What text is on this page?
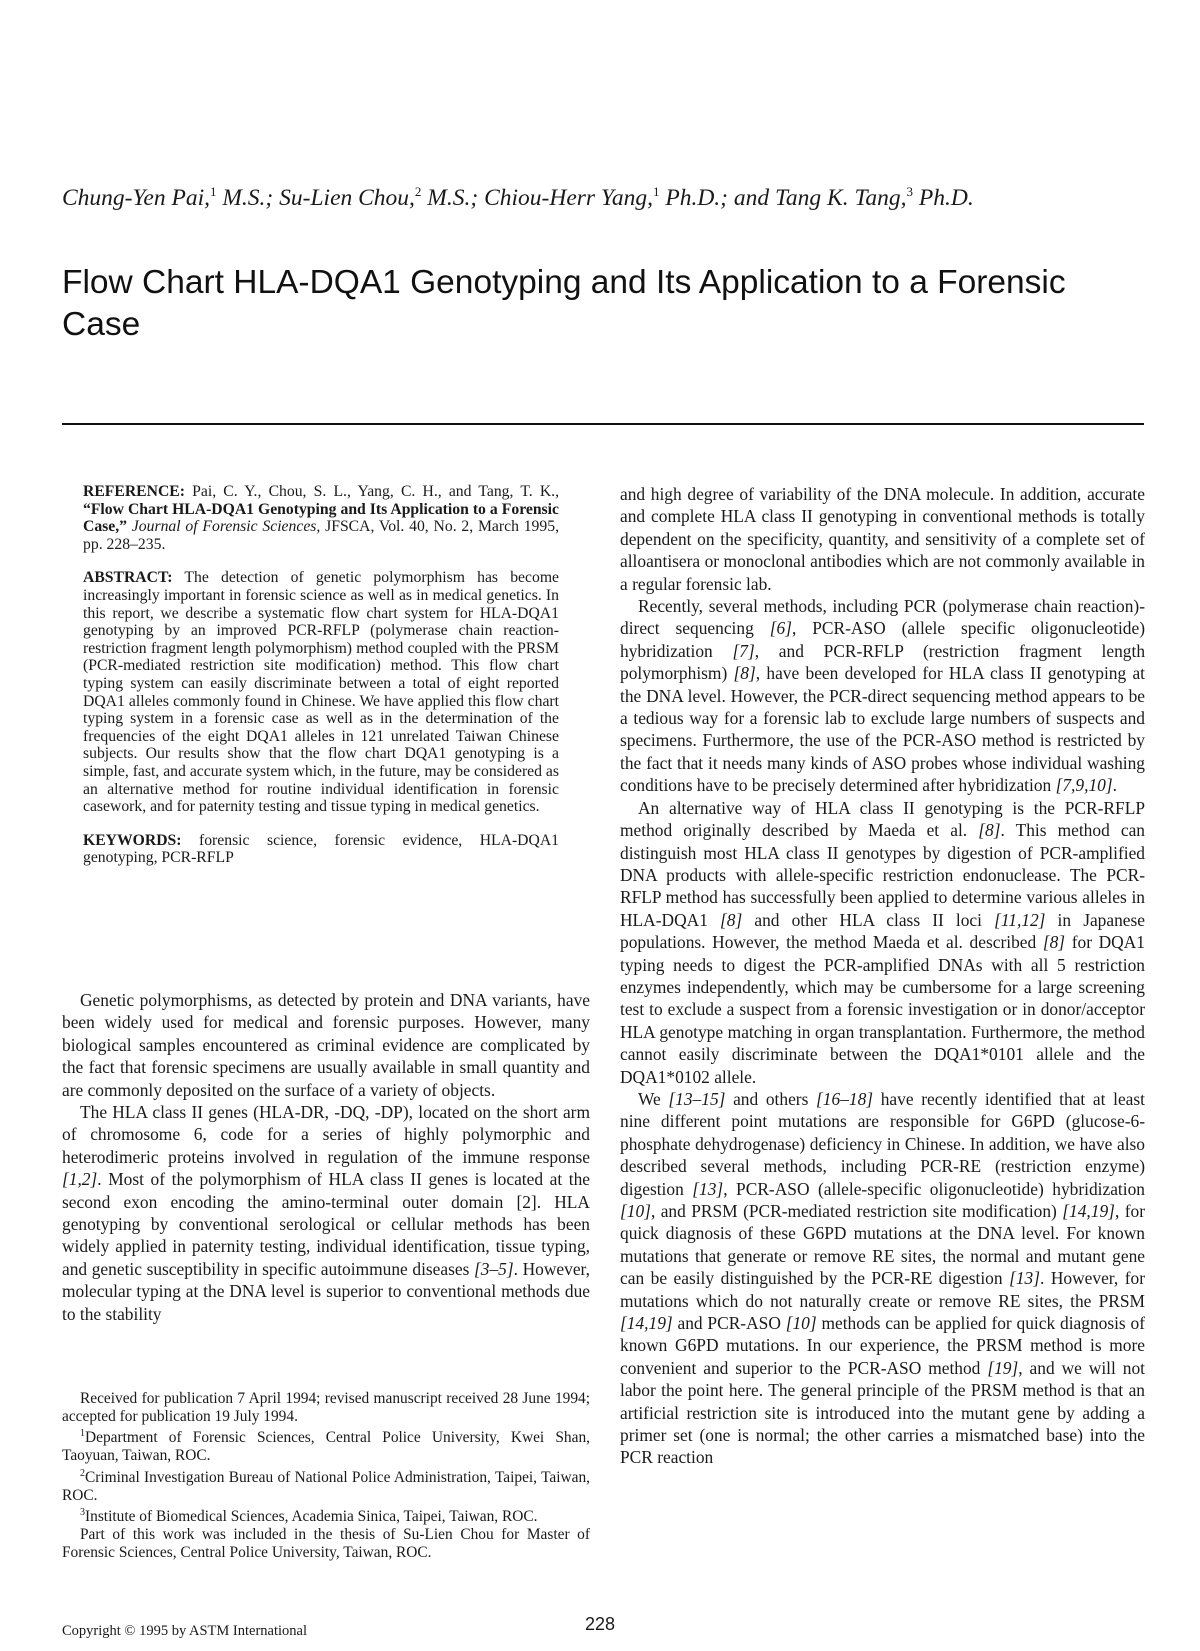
Chung-Yen Pai,$^1$ M.S.; Su-Lien Chou,$^2$ M.S.; Chiou-Herr Yang,$^1$ Ph.D.; and Tang K. Tang,$^3$ Ph.D.
Flow Chart HLA-DQA1 Genotyping and Its Application to a Forensic Case

REFERENCE: Pai, C. Y., Chou, S. L., Yang, C. H., and Tang, T. K., “Flow Chart HLA-DQA1 Genotyping and Its Application to a Forensic Case,” Journal of Forensic Sciences, JFSCA, Vol. 40, No. 2, March 1995, pp. 228–235.

ABSTRACT: The detection of genetic polymorphism has become increasingly important in forensic science as well as in medical genetics. In this report, we describe a systematic flow chart system for HLA-DQA1 genotyping by an improved PCR-RFLP (polymerase chain reaction-restriction fragment length polymorphism) method coupled with the PRSM (PCR-mediated restriction site modification) method. This flow chart typing system can easily discriminate between a total of eight reported DQA1 alleles commonly found in Chinese. We have applied this flow chart typing system in a forensic case as well as in the determination of the frequencies of the eight DQA1 alleles in 121 unrelated Taiwan Chinese subjects. Our results show that the flow chart DQA1 genotyping is a simple, fast, and accurate system which, in the future, may be considered as an alternative method for routine individual identification in forensic casework, and for paternity testing and tissue typing in medical genetics.

KEYWORDS: forensic science, forensic evidence, HLA-DQA1 genotyping, PCR-RFLP

Genetic polymorphisms, as detected by protein and DNA variants, have been widely used for medical and forensic purposes. However, many biological samples encountered as criminal evidence are complicated by the fact that forensic specimens are usually available in small quantity and are commonly deposited on the surface of a variety of objects.

The HLA class II genes (HLA-DR, -DQ, -DP), located on the short arm of chromosome 6, code for a series of highly polymorphic and heterodimeric proteins involved in regulation of the immune response [1,2]. Most of the polymorphism of HLA class II genes is located at the second exon encoding the amino-terminal outer domain [2]. HLA genotyping by conventional serological or cellular methods has been widely applied in paternity testing, individual identification, tissue typing, and genetic susceptibility in specific autoimmune diseases [3–5]. However, molecular typing at the DNA level is superior to conventional methods due to the stability

and high degree of variability of the DNA molecule. In addition, accurate and complete HLA class II genotyping in conventional methods is totally dependent on the specificity, quantity, and sensitivity of a complete set of alloantisera or monoclonal antibodies which are not commonly available in a regular forensic lab.

Recently, several methods, including PCR (polymerase chain reaction)-direct sequencing [6], PCR-ASO (allele specific oligonucleotide) hybridization [7], and PCR-RFLP (restriction fragment length polymorphism) [8], have been developed for HLA class II genotyping at the DNA level. However, the PCR-direct sequencing method appears to be a tedious way for a forensic lab to exclude large numbers of suspects and specimens. Furthermore, the use of the PCR-ASO method is restricted by the fact that it needs many kinds of ASO probes whose individual washing conditions have to be precisely determined after hybridization [7,9,10].

An alternative way of HLA class II genotyping is the PCR-RFLP method originally described by Maeda et al. [8]. This method can distinguish most HLA class II genotypes by digestion of PCR-amplified DNA products with allele-specific restriction endonuclease. The PCR-RFLP method has successfully been applied to determine various alleles in HLA-DQA1 [8] and other HLA class II loci [11,12] in Japanese populations. However, the method Maeda et al. described [8] for DQA1 typing needs to digest the PCR-amplified DNAs with all 5 restriction enzymes independently, which may be cumbersome for a large screening test to exclude a suspect from a forensic investigation or in donor/acceptor HLA genotype matching in organ transplantation. Furthermore, the method cannot easily discriminate between the DQA1*0101 allele and the DQA1*0102 allele.

We [13–15] and others [16–18] have recently identified that at least nine different point mutations are responsible for G6PD (glucose-6-phosphate dehydrogenase) deficiency in Chinese. In addition, we have also described several methods, including PCR-RE (restriction enzyme) digestion [13], PCR-ASO (allele-specific oligonucleotide) hybridization [10], and PRSM (PCR-mediated restriction site modification) [14,19], for quick diagnosis of these G6PD mutations at the DNA level. For known mutations that generate or remove RE sites, the normal and mutant gene can be easily distinguished by the PCR-RE digestion [13]. However, for mutations which do not naturally create or remove RE sites, the PRSM [14,19] and PCR-ASO [10] methods can be applied for quick diagnosis of known G6PD mutations. In our experience, the PRSM method is more convenient and superior to the PCR-ASO method [19], and we will not labor the point here. The general principle of the PRSM method is that an artificial restriction site is introduced into the mutant gene by adding a primer set (one is normal; the other carries a mismatched base) into the PCR reaction

Received for publication 7 April 1994; revised manuscript received 28 June 1994; accepted for publication 19 July 1994.

$^1$Department of Forensic Sciences, Central Police University, Kwei Shan, Taoyuan, Taiwan, ROC.

$^2$Criminal Investigation Bureau of National Police Administration, Taipei, Taiwan, ROC.

$^3$Institute of Biomedical Sciences, Academia Sinica, Taipei, Taiwan, ROC.

Part of this work was included in the thesis of Su-Lien Chou for Master of Forensic Sciences, Central Police University, Taiwan, ROC.

Copyright © 1995 by ASTM International	228
